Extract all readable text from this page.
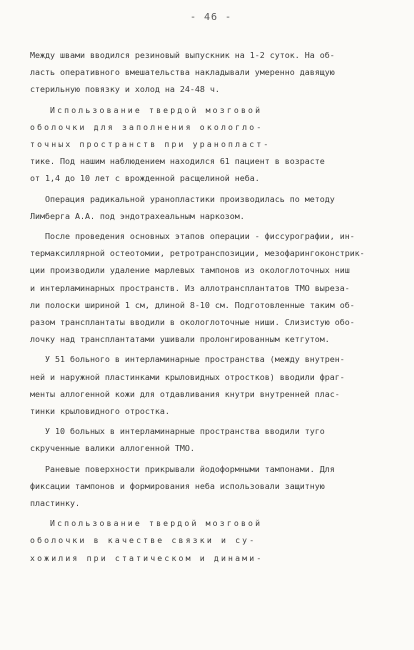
- 46 -
Между швами вводился резиновый выпускник на 1-2 суток. На об-
ласть оперативного вмешательства накладывали умеренно давящую
стерильную повязку и холод на 24-48 ч.
Использование твердой мозговой
оболочки для заполнения окологло-
точных пространств при уранопласт-
тике. Под нашим наблюдением находился 61 пациент в возрасте
от 1,4 до 10 лет с врожденной расщелиной неба.
Операция радикальной уранопластики производилась по методу
Лимберга А.А. под эндотрахеальным наркозом.
После проведения основных этапов операции - фиссурографии, ин-
термаксиллярной остеотомии, ретротранспозиции, мезофарингоконстрик-
ции производили удаление марлевых тампонов из окологлоточных ниш
и интерламинарных пространств. Из аллотрансплантатов ТМО выреза-
ли полоски шириной 1 см, длиной 8-10 см. Подготовленные таким об-
разом трансплантаты вводили в окологлоточные ниши. Слизистую обо-
лочку над трансплантатами ушивали пролонгированным кетгутом.
У 51 больного в интерламинарные пространства (между внутрен-
ней и наружной пластинками крыловидных отростков) вводили фраг-
менты аллогенной кожи для отдавливания кнутри внутренней плас-
тинки крыловидного отростка.
У 10 больных в интерламинарные пространства вводили туго
скрученные валики аллогенной ТМО.
Раневые поверхности прикрывали йодоформными тампонами. Для
фиксации тампонов и формирования неба использовали защитную
пластинку.
Использование твердой мозговой
оболочки в качестве связки и су-
хожилия при статическом и динами-
